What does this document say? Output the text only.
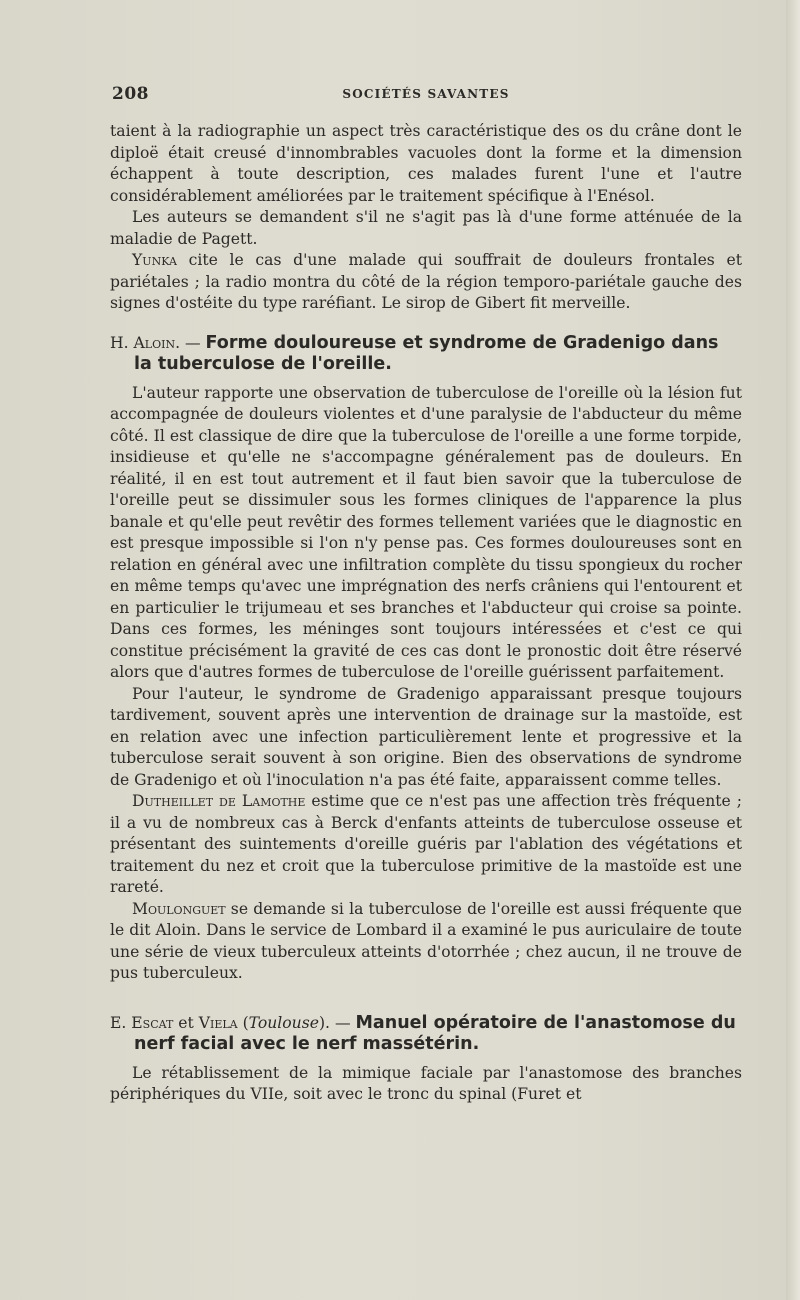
208	SOCIÉTÉS SAVANTES

taient à la radiographie un aspect très caractéristique des os du crâne dont le diploë était creusé d'innombrables vacuoles dont la forme et la dimension échappent à toute description, ces malades furent l'une et l'autre considérablement améliorées par le traitement spécifique à l'Enésol.

Les auteurs se demandent s'il ne s'agit pas là d'une forme atténuée de la maladie de Pagett.

Yunka cite le cas d'une malade qui souffrait de douleurs frontales et pariétales ; la radio montra du côté de la région temporo-pariétale gauche des signes d'ostéite du type raréfiant. Le sirop de Gibert fit merveille.

H. Aloin. — Forme douloureuse et syndrome de Gradenigo dans la tuberculose de l'oreille.

L'auteur rapporte une observation de tuberculose de l'oreille où la lésion fut accompagnée de douleurs violentes et d'une paralysie de l'abducteur du même côté. Il est classique de dire que la tuberculose de l'oreille a une forme torpide, insidieuse et qu'elle ne s'accompagne généralement pas de douleurs. En réalité, il en est tout autrement et il faut bien savoir que la tuberculose de l'oreille peut se dissimuler sous les formes cliniques de l'apparence la plus banale et qu'elle peut revêtir des formes tellement variées que le diagnostic en est presque impossible si l'on n'y pense pas. Ces formes douloureuses sont en relation en général avec une infiltration complète du tissu spongieux du rocher en même temps qu'avec une imprégnation des nerfs crâniens qui l'entourent et en particulier le trijumeau et ses branches et l'abducteur qui croise sa pointe. Dans ces formes, les méninges sont toujours intéressées et c'est ce qui constitue précisément la gravité de ces cas dont le pronostic doit être réservé alors que d'autres formes de tuberculose de l'oreille guérissent parfaitement.

Pour l'auteur, le syndrome de Gradenigo apparaissant presque toujours tardivement, souvent après une intervention de drainage sur la mastoïde, est en relation avec une infection particulièrement lente et progressive et la tuberculose serait souvent à son origine. Bien des observations de syndrome de Gradenigo et où l'inoculation n'a pas été faite, apparaissent comme telles.

Dutheillet de Lamothe estime que ce n'est pas une affection très fréquente ; il a vu de nombreux cas à Berck d'enfants atteints de tuberculose osseuse et présentant des suintements d'oreille guéris par l'ablation des végétations et traitement du nez et croit que la tuberculose primitive de la mastoïde est une rareté.

Moulonguet se demande si la tuberculose de l'oreille est aussi fréquente que le dit Aloin. Dans le service de Lombard il a examiné le pus auriculaire de toute une série de vieux tuberculeux atteints d'otorrhée ; chez aucun, il ne trouve de pus tuberculeux.

E. Escat et Viela (Toulouse). — Manuel opératoire de l'anastomose du nerf facial avec le nerf massétérin.

Le rétablissement de la mimique faciale par l'anastomose des branches périphériques du VIIe, soit avec le tronc du spinal (Furet et
